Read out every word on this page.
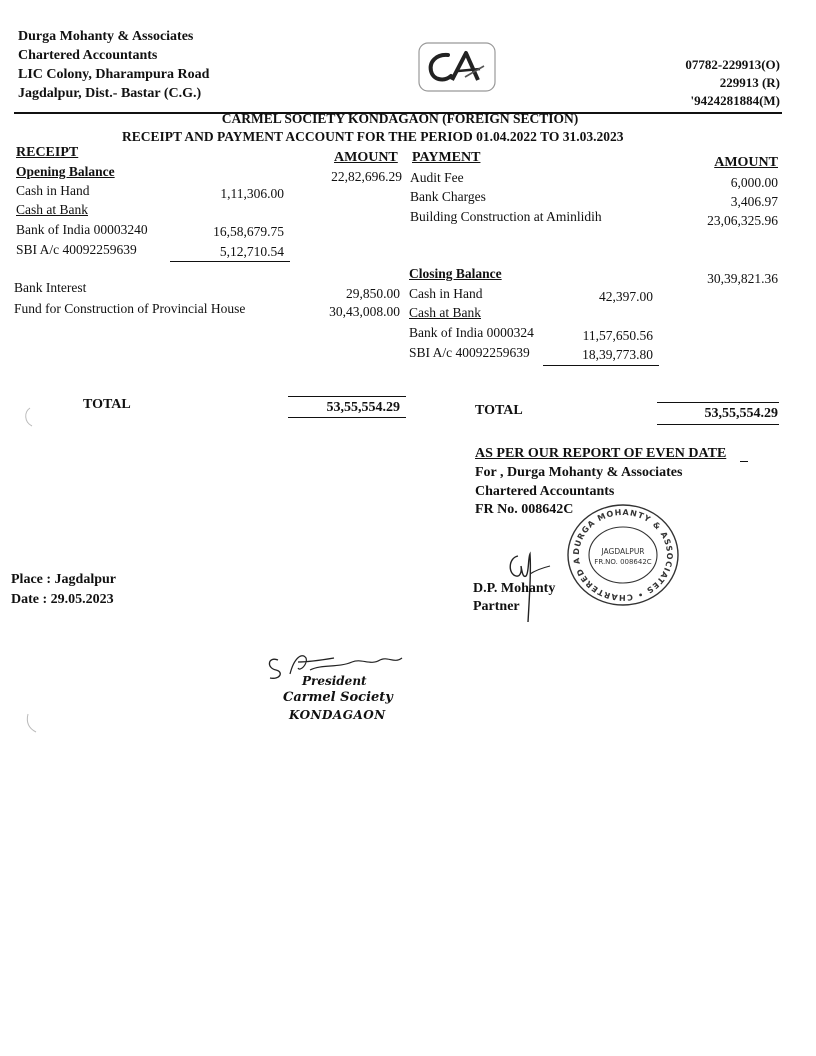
Durga Mohanty & Associates
Chartered Accountants
LIC Colony, Dharampura Road
Jagdalpur, Dist.- Bastar (C.G.)
07782-229913(O)
229913 (R)
'9424281884(M)
CARMEL SOCIETY KONDAGAON (FOREIGN SECTION)
RECEIPT AND PAYMENT ACCOUNT FOR THE PERIOD 01.04.2022 TO 31.03.2023
RECEIPT	AMOUNT
Opening Balance	22,82,696.29
Cash in Hand	1,11,306.00
Cash at Bank
Bank of India 00003240	16,58,679.75
SBI A/c 40092259639	5,12,710.54
Bank Interest	29,850.00
Fund for Construction of Provincial House	30,43,008.00
TOTAL	53,55,554.29
PAYMENT	AMOUNT
Audit Fee	6,000.00
Bank Charges	3,406.97
Building Construction at Aminlidih	23,06,325.96
Closing Balance	30,39,821.36
Cash in Hand	42,397.00
Cash at Bank
Bank of India 0000324	11,57,650.56
SBI A/c 40092259639	18,39,773.80
TOTAL	53,55,554.29
AS PER OUR REPORT OF EVEN DATE
For , Durga Mohanty & Associates
Chartered Accountants
FR No. 008642C
D.P. Mohanty
Partner
DURGA MOHANTY & ASSOCIATES • CHARTERED A
JAGDALPUR
FR.NO. 008642C
Place : Jagdalpur
Date : 29.05.2023
President
Carmel Society
KONDAGAON
